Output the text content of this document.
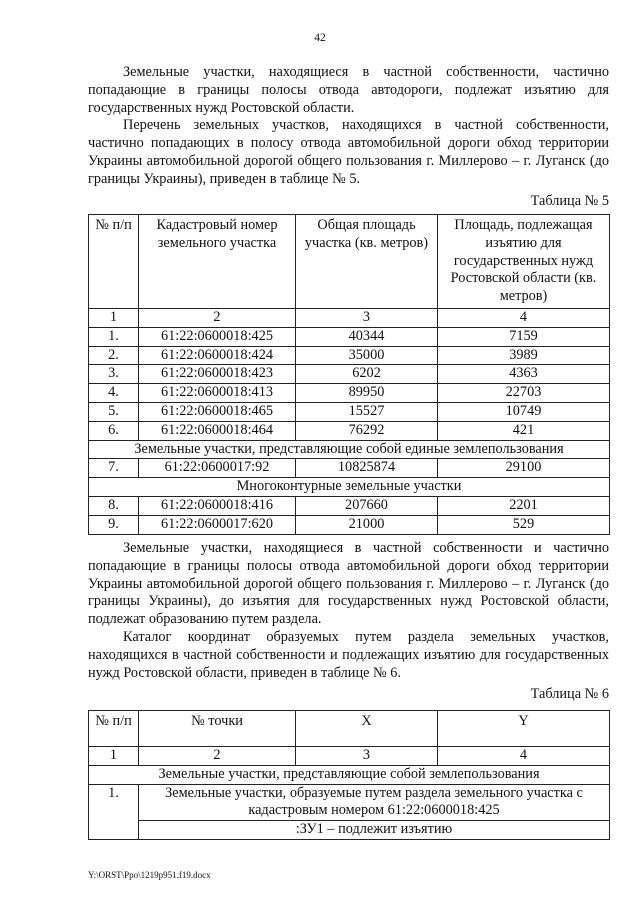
42

Земельные участки, находящиеся в частной собственности, частично попадающие в границы полосы отвода автодороги, подлежат изъятию для государственных нужд Ростовской области.

Перечень земельных участков, находящихся в частной собственности, частично попадающих в полосу отвода автомобильной дороги обход территории Украины автомобильной дорогой общего пользования г. Миллерово – г. Луганск (до границы Украины), приведен в таблице № 5.

Таблица № 5
№ п/п	Кадастровый номер земельного участка	Общая площадь участка (кв. метров)	Площадь, подлежащая изъятию для государственных нужд Ростовской области (кв. метров)
1	2	3	4
1.	61:22:0600018:425	40344	7159
2.	61:22:0600018:424	35000	3989
3.	61:22:0600018:423	6202	4363
4.	61:22:0600018:413	89950	22703
5.	61:22:0600018:465	15527	10749
6.	61:22:0600018:464	76292	421
Земельные участки, представляющие собой единые землепользования			
7.	61:22:0600017:92	10825874	29100
Многоконтурные земельные участки			
8.	61:22:0600018:416	207660	2201
9.	61:22:0600017:620	21000	529

Земельные участки, находящиеся в частной собственности и частично попадающие в границы полосы отвода автомобильной дороги обход территории Украины автомобильной дорогой общего пользования г. Миллерово – г. Луганск (до границы Украины), до изъятия для государственных нужд Ростовской области, подлежат образованию путем раздела.

Каталог координат образуемых путем раздела земельных участков, находящихся в частной собственности и подлежащих изъятию для государственных нужд Ростовской области, приведен в таблице № 6.

Таблица № 6
№ п/п	№ точки	X	Y
1	2	3	4
Земельные участки, представляющие собой землепользования			
1.	Земельные участки, образуемые путем раздела земельного участка с кадастровым номером 61:22:0600018:425		
	:ЗУ1 – подлежит изъятию		
Y:\ORST\Ppo\1219p951.f19.docx
